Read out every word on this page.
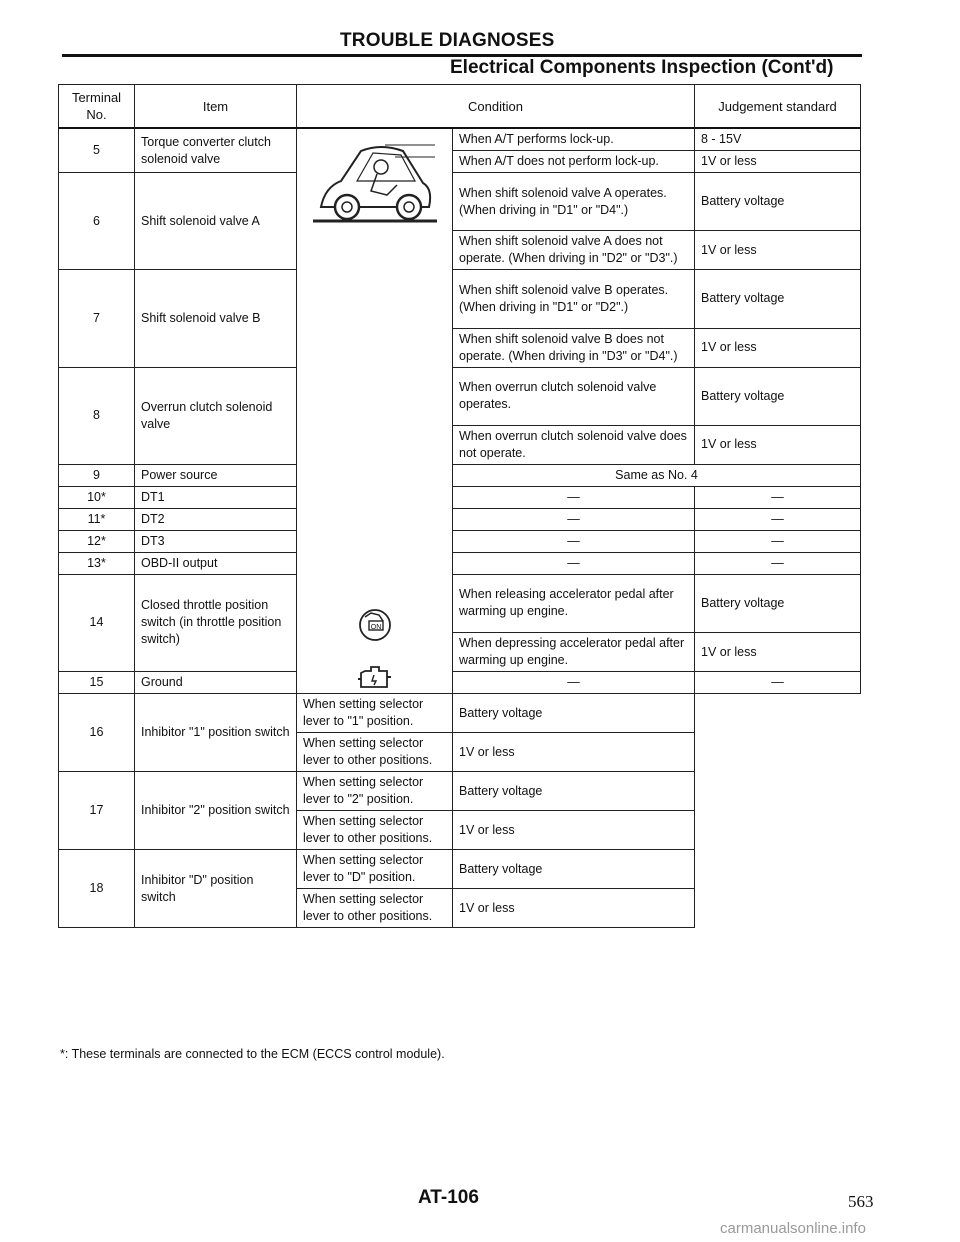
TROUBLE DIAGNOSES
Electrical Components Inspection (Cont'd)
Terminal No.	Item	Condition		Judgement standard
5	Torque converter clutch solenoid valve	ON	When A/T performs lock-up.	8 - 15V
			When A/T does not perform lock-up.	1V or less
6	Shift solenoid valve A		When shift solenoid valve A operates. (When driving in "D1" or "D4".)	Battery voltage
			When shift solenoid valve A does not operate. (When driving in "D2" or "D3".)	1V or less
7	Shift solenoid valve B		When shift solenoid valve B operates. (When driving in "D1" or "D2".)	Battery voltage
			When shift solenoid valve B does not operate. (When driving in "D3" or "D4".)	1V or less
8	Overrun clutch solenoid valve		When overrun clutch solenoid valve operates.	Battery voltage
			When overrun clutch solenoid valve does not operate.	1V or less
9	Power source		Same as No. 4	
10*	DT1		—	—
11*	DT2		—	—
12*	DT3		—	—
13*	OBD-II output		—	—
14	Closed throttle position switch (in throttle position switch)		When releasing accelerator pedal after warming up engine.	Battery voltage
			When depressing accelerator pedal after warming up engine.	1V or less
15	Ground		—	—
16	Inhibitor "1" position switch	When setting selector lever to "1" position.	Battery voltage	
		When setting selector lever to other positions.	1V or less	
17	Inhibitor "2" position switch	When setting selector lever to "2" position.	Battery voltage	
		When setting selector lever to other positions.	1V or less	
18	Inhibitor "D" position switch	When setting selector lever to "D" position.	Battery voltage	
		When setting selector lever to other positions.	1V or less	
*: These terminals are connected to the ECM (ECCS control module).
AT-106	563
carmanualsonline.info
